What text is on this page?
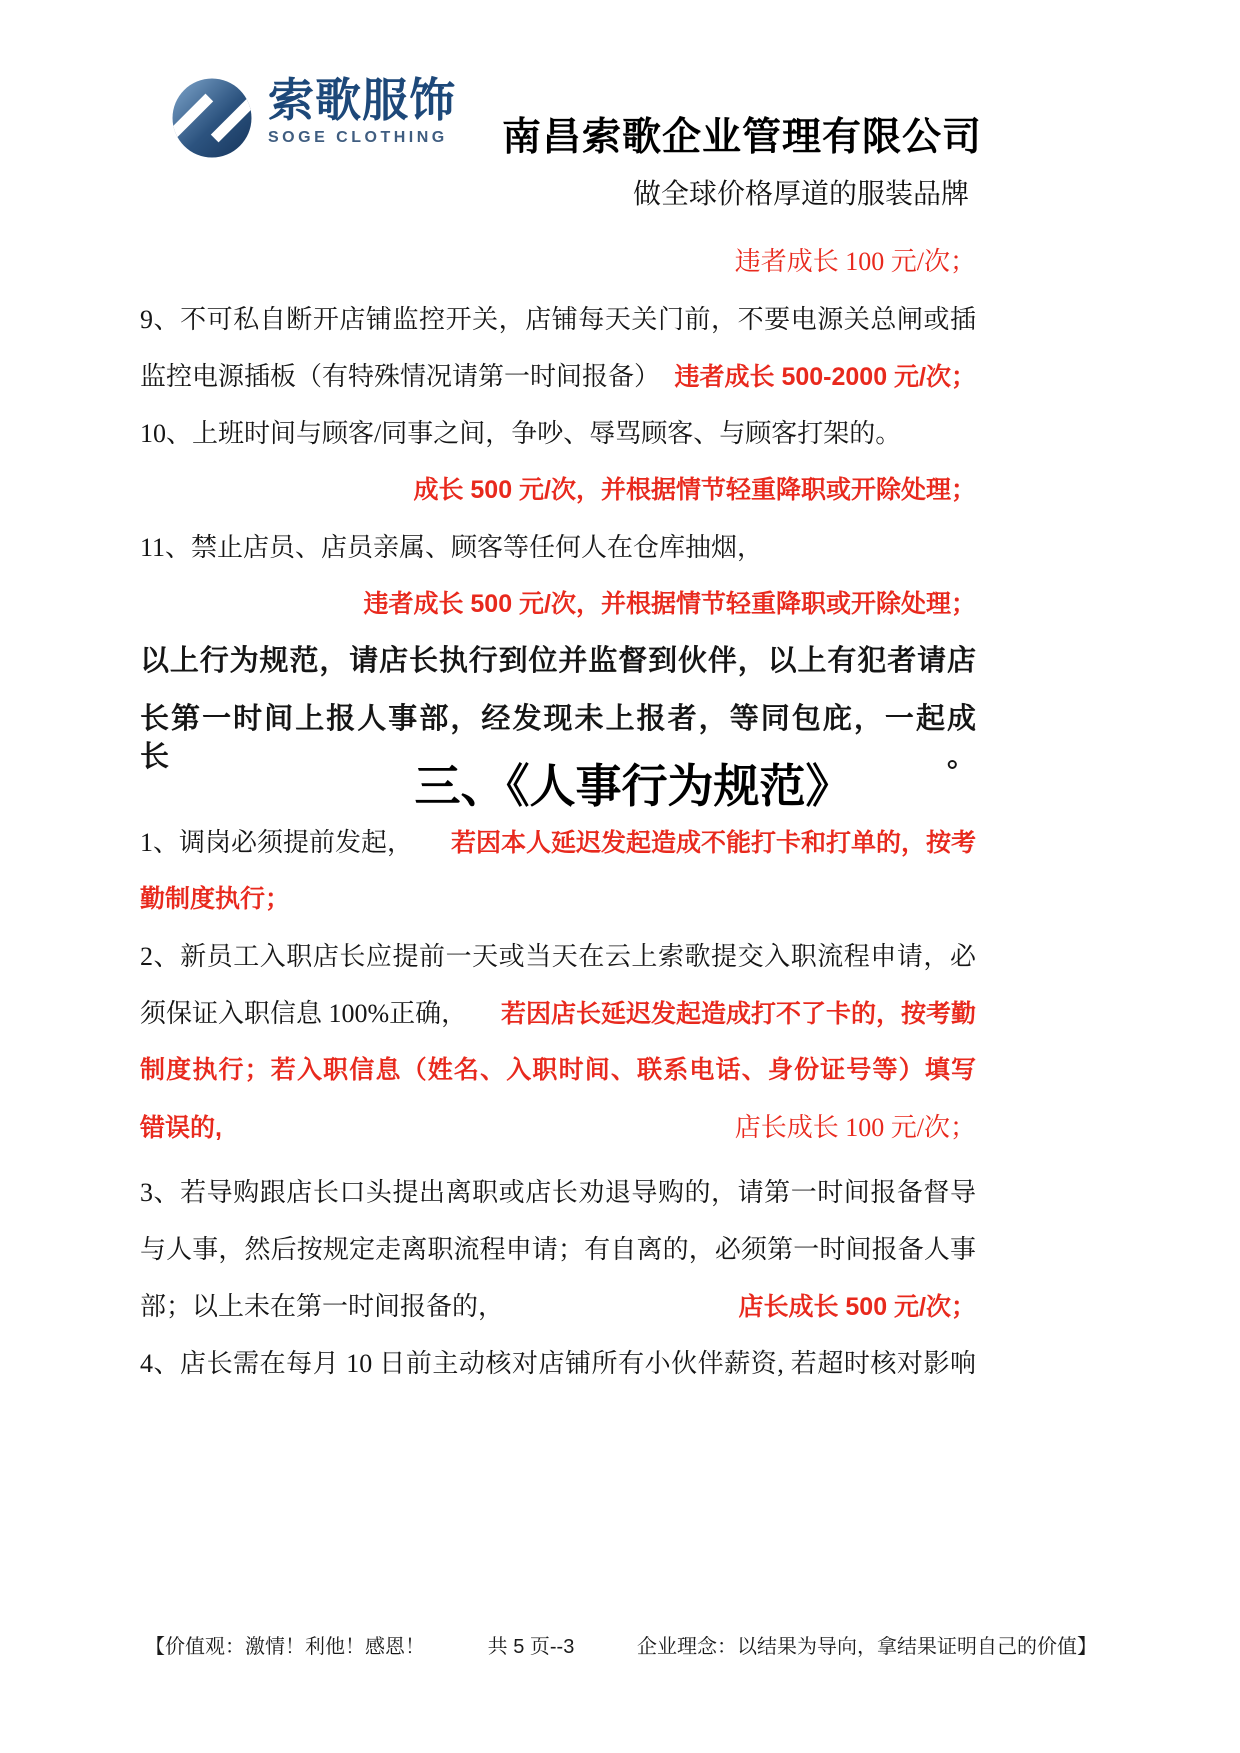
索歌服饰
SOGE CLOTHING 南昌索歌企业管理有限公司
做全球价格厚道的服装品牌
违者成长 100 元/次；
9、不可私自断开店铺监控开关，店铺每天关门前，不要电源关总闸或插
监控电源插板（有特殊情况请第一时间报备） 违者成长 500-2000 元/次；
10、上班时间与顾客/同事之间，争吵、辱骂顾客、与顾客打架的。
成长 500 元/次，并根据情节轻重降职或开除处理；
11、禁止店员、店员亲属、顾客等任何人在仓库抽烟，
违者成长 500 元/次，并根据情节轻重降职或开除处理；
以上行为规范，请店长执行到位并监督到伙伴，以上有犯者请店
长第一时间上报人事部，经发现未上报者，等同包庇，一起成长。
三、《人事行为规范》
1、调岗必须提前发起， 若因本人延迟发起造成不能打卡和打单的，按考
勤制度执行；
2、新员工入职店长应提前一天或当天在云上索歌提交入职流程申请，必
须保证入职信息 100%正确， 若因店长延迟发起造成打不了卡的，按考勤
制度执行；若入职信息（姓名、入职时间、联系电话、身份证号等）填写
错误的,	店长成长 100 元/次；
3、若导购跟店长口头提出离职或店长劝退导购的，请第一时间报备督导
与人事，然后按规定走离职流程申请；有自离的，必须第一时间报备人事
部；以上未在第一时间报备的，	店长成长 500 元/次；
4、店长需在每月 10 日前主动核对店铺所有小伙伴薪资, 若超时核对影响
【价值观：激情！利他！感恩！	共 5 页--3	企业理念：以结果为导向，拿结果证明自己的价值】
